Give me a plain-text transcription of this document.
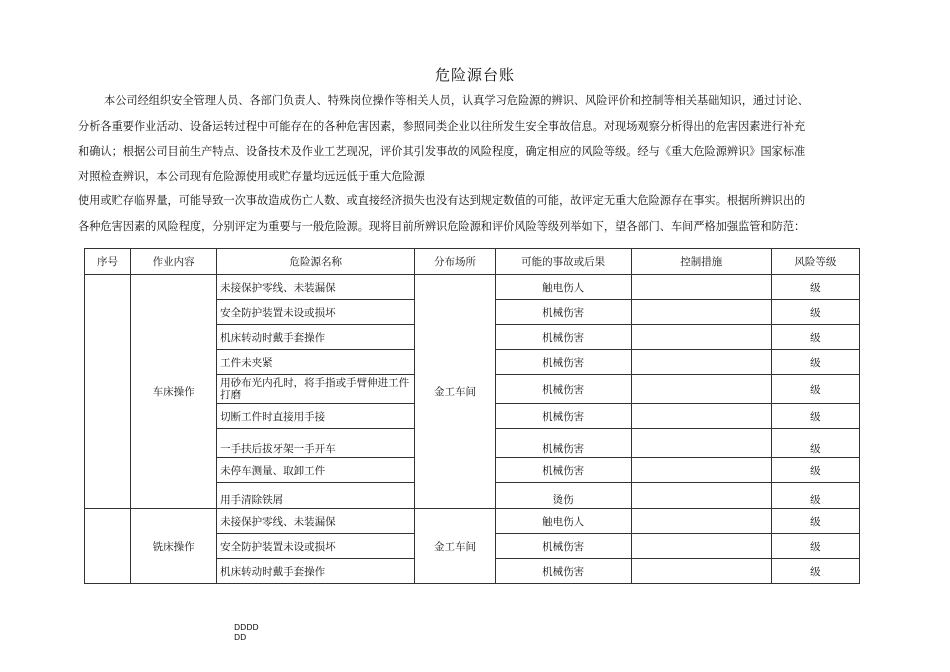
危险源台账
本公司经组织安全管理人员、各部门负责人、特殊岗位操作等相关人员，认真学习危险源的辨识、风险评价和控制等相关基础知识，通过讨论、
分析各重要作业活动、设备运转过程中可能存在的各种危害因素，参照同类企业以往所发生安全事故信息。对现场观察分析得出的危害因素进行补充
和确认；根据公司目前生产特点、设备技术及作业工艺现况，评价其引发事故的风险程度，确定相应的风险等级。经与《重大危险源辨识》国家标准
对照检查辨识，本公司现有危险源使用或贮存量均远远低于重大危险源
使用或贮存临界量，可能导致一次事故造成伤亡人数、或直接经济损失也没有达到规定数值的可能，故评定无重大危险源存在事实。根据所辨识出的
各种危害因素的风险程度，分别评定为重要与一般危险源。现将目前所辨识危险源和评价风险等级列举如下，望各部门、车间严格加强监管和防范：
序号	作业内容	危险源名称	分布场所	可能的事故或后果	控制措施	风险等级
	车床操作	未接保护零线、未装漏保	金工车间	触电伤人		级
		安全防护装置未设或损坏		机械伤害		级
		机床转动时戴手套操作		机械伤害		级
		工件未夹紧		机械伤害		级
		用砂布光内孔时，将手指或手臂伸进工件打磨		机械伤害		级
		切断工件时直接用手接		机械伤害		级
		一手扶后拔牙架一手开车		机械伤害		级
		未停车测量、取卸工件		机械伤害		级
		用手清除铁屑		烫伤		级
	铣床操作	未接保护零线、未装漏保	金工车间	触电伤人		级
		安全防护装置未设或损坏		机械伤害		级
		机床转动时戴手套操作		机械伤害		级
DDDD
DD
